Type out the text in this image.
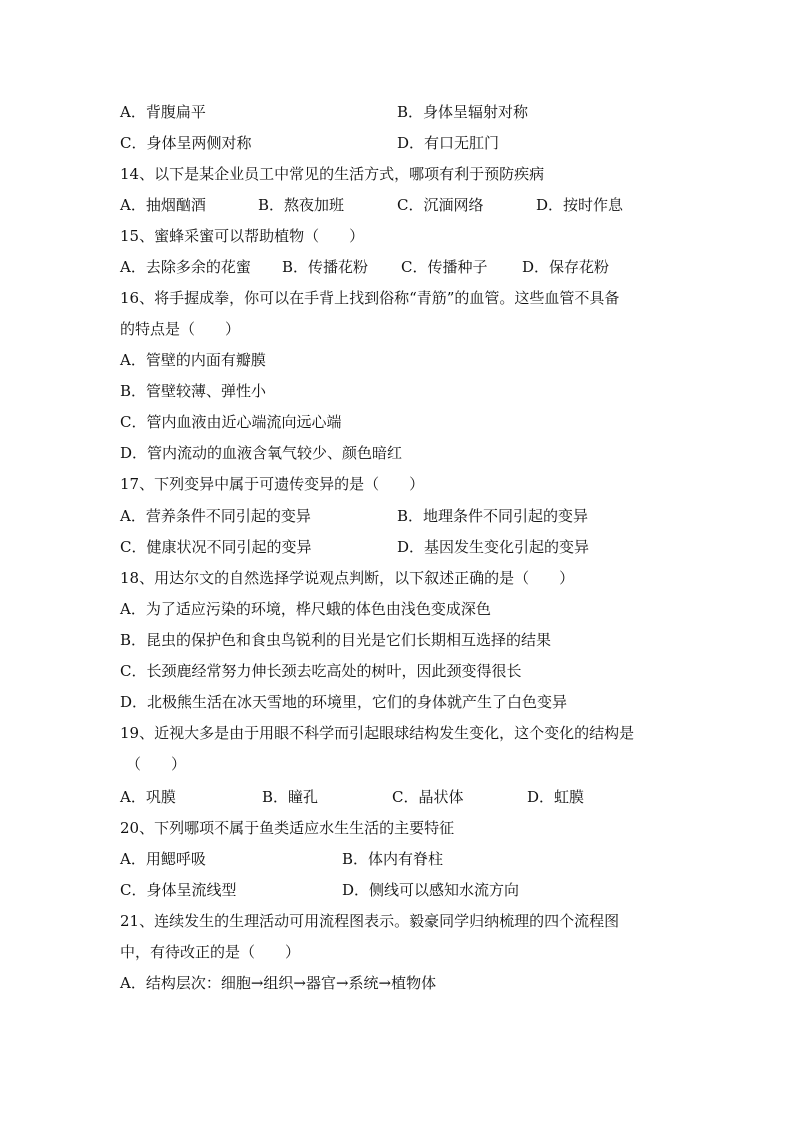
A．背腹扁平	B．身体呈辐射对称
C．身体呈两侧对称	D．有口无肛门
14、以下是某企业员工中常见的生活方式，哪项有利于预防疾病
A．抽烟酗酒	B．熬夜加班	C．沉湎网络	D．按时作息
15、蜜蜂采蜜可以帮助植物（　　）
A．去除多余的花蜜 B．传播花粉 C．传播种子 D．保存花粉
16、将手握成拳，你可以在手背上找到俗称“青筋”的血管。这些血管不具备
的特点是（　　）
A．管壁的内面有瓣膜
B．管壁较薄、弹性小
C．管内血液由近心端流向远心端
D．管内流动的血液含氧气较少、颜色暗红
17、下列变异中属于可遗传变异的是（　　）
A．营养条件不同引起的变异	B．地理条件不同引起的变异
C．健康状况不同引起的变异	D．基因发生变化引起的变异
18、用达尔文的自然选择学说观点判断，以下叙述正确的是（　　）
A．为了适应污染的环境，桦尺蛾的体色由浅色变成深色
B．昆虫的保护色和食虫鸟锐利的目光是它们长期相互选择的结果
C．长颈鹿经常努力伸长颈去吃高处的树叶，因此颈变得很长
D．北极熊生活在冰天雪地的环境里，它们的身体就产生了白色变异
19、近视大多是由于用眼不科学而引起眼球结构发生变化，这个变化的结构是
（　　）
A．巩膜	B．瞳孔	C．晶状体	D．虹膜
20、下列哪项不属于鱼类适应水生生活的主要特征
A．用鳃呼吸	B．体内有脊柱
C．身体呈流线型	D．侧线可以感知水流方向
21、连续发生的生理活动可用流程图表示。毅豪同学归纳梳理的四个流程图
中，有待改正的是（　　）
A．结构层次：细胞→组织→器官→系统→植物体
